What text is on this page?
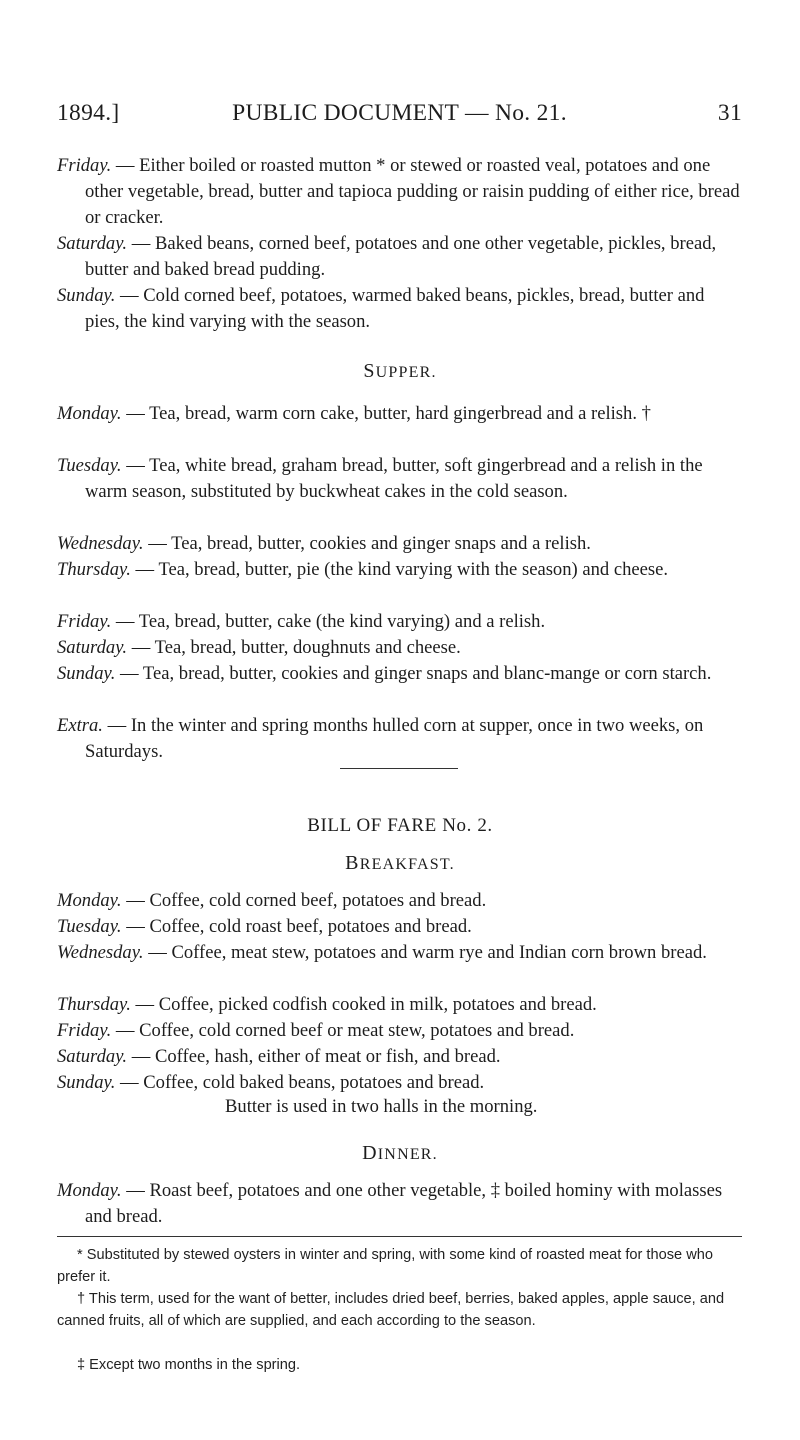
1894.]	PUBLIC DOCUMENT — No. 21.	31
Friday. — Either boiled or roasted mutton * or stewed or roasted veal, potatoes and one other vegetable, bread, butter and tapioca pudding or raisin pudding of either rice, bread or cracker.
Saturday. — Baked beans, corned beef, potatoes and one other vegetable, pickles, bread, butter and baked bread pudding.
Sunday. — Cold corned beef, potatoes, warmed baked beans, pickles, bread, butter and pies, the kind varying with the season.
SUPPER.
Monday. — Tea, bread, warm corn cake, butter, hard gingerbread and a relish. †
Tuesday. — Tea, white bread, graham bread, butter, soft gingerbread and a relish in the warm season, substituted by buckwheat cakes in the cold season.
Wednesday. — Tea, bread, butter, cookies and ginger snaps and a relish.
Thursday. — Tea, bread, butter, pie (the kind varying with the season) and cheese.
Friday. — Tea, bread, butter, cake (the kind varying) and a relish.
Saturday. — Tea, bread, butter, doughnuts and cheese.
Sunday. — Tea, bread, butter, cookies and ginger snaps and blanc-mange or corn starch.
Extra. — In the winter and spring months hulled corn at supper, once in two weeks, on Saturdays.
BILL OF FARE No. 2.
BREAKFAST.
Monday. — Coffee, cold corned beef, potatoes and bread.
Tuesday. — Coffee, cold roast beef, potatoes and bread.
Wednesday. — Coffee, meat stew, potatoes and warm rye and Indian corn brown bread.
Thursday. — Coffee, picked codfish cooked in milk, potatoes and bread.
Friday. — Coffee, cold corned beef or meat stew, potatoes and bread.
Saturday. — Coffee, hash, either of meat or fish, and bread.
Sunday. — Coffee, cold baked beans, potatoes and bread.
Butter is used in two halls in the morning.
DINNER.
Monday. — Roast beef, potatoes and one other vegetable, ‡ boiled hominy with molasses and bread.
* Substituted by stewed oysters in winter and spring, with some kind of roasted meat for those who prefer it.
† This term, used for the want of better, includes dried beef, berries, baked apples, apple sauce, and canned fruits, all of which are supplied, and each according to the season.
‡ Except two months in the spring.
